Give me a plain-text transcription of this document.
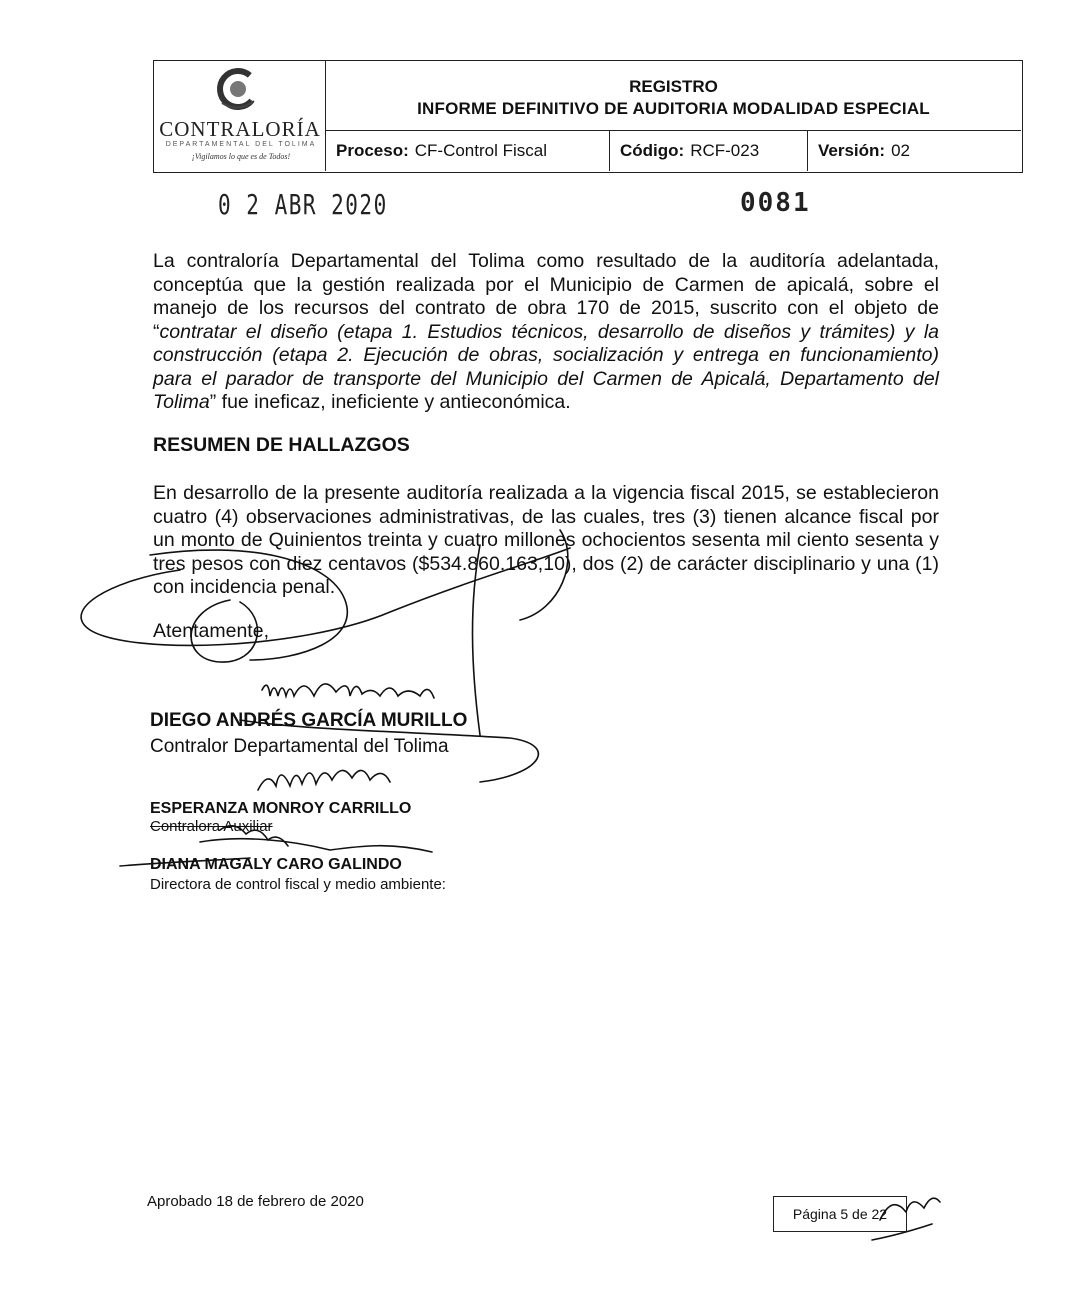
CONTRALORÍA
DEPARTAMENTAL DEL TOLIMA
¡Vigilamos lo que es de Todos!
REGISTRO
INFORME DEFINITIVO DE AUDITORIA MODALIDAD ESPECIAL
Proceso: CF-Control Fiscal	Código: RCF-023	Versión: 02
0 2 ABR 2020	0081
La contraloría Departamental del Tolima como resultado de la auditoría adelantada, conceptúa que la gestión realizada por el Municipio de Carmen de apicalá, sobre el manejo de los recursos del contrato de obra 170 de 2015, suscrito con el objeto de “contratar el diseño (etapa 1. Estudios técnicos, desarrollo de diseños y trámites) y la construcción (etapa 2. Ejecución de obras, socialización y entrega en funcionamiento) para el parador de transporte del Municipio del Carmen de Apicalá, Departamento del Tolima” fue ineficaz, ineficiente y antieconómica.
RESUMEN DE HALLAZGOS
En desarrollo de la presente auditoría realizada a la vigencia fiscal 2015, se establecieron cuatro (4) observaciones administrativas, de las cuales, tres (3) tienen alcance fiscal por un monto de Quinientos treinta y cuatro millones ochocientos sesenta mil ciento sesenta y tres pesos con diez centavos ($534.860.163,10), dos (2) de carácter disciplinario y una (1) con incidencia penal.
Atentamente,
DIEGO ANDRÉS GARCÍA MURILLO
Contralor Departamental del Tolima
ESPERANZA MONROY CARRILLO
Contralora Auxiliar
DIANA MAGALY CARO GALINDO
Directora de control fiscal y medio ambiente:
Aprobado 18 de febrero de 2020
Página 5 de 22
